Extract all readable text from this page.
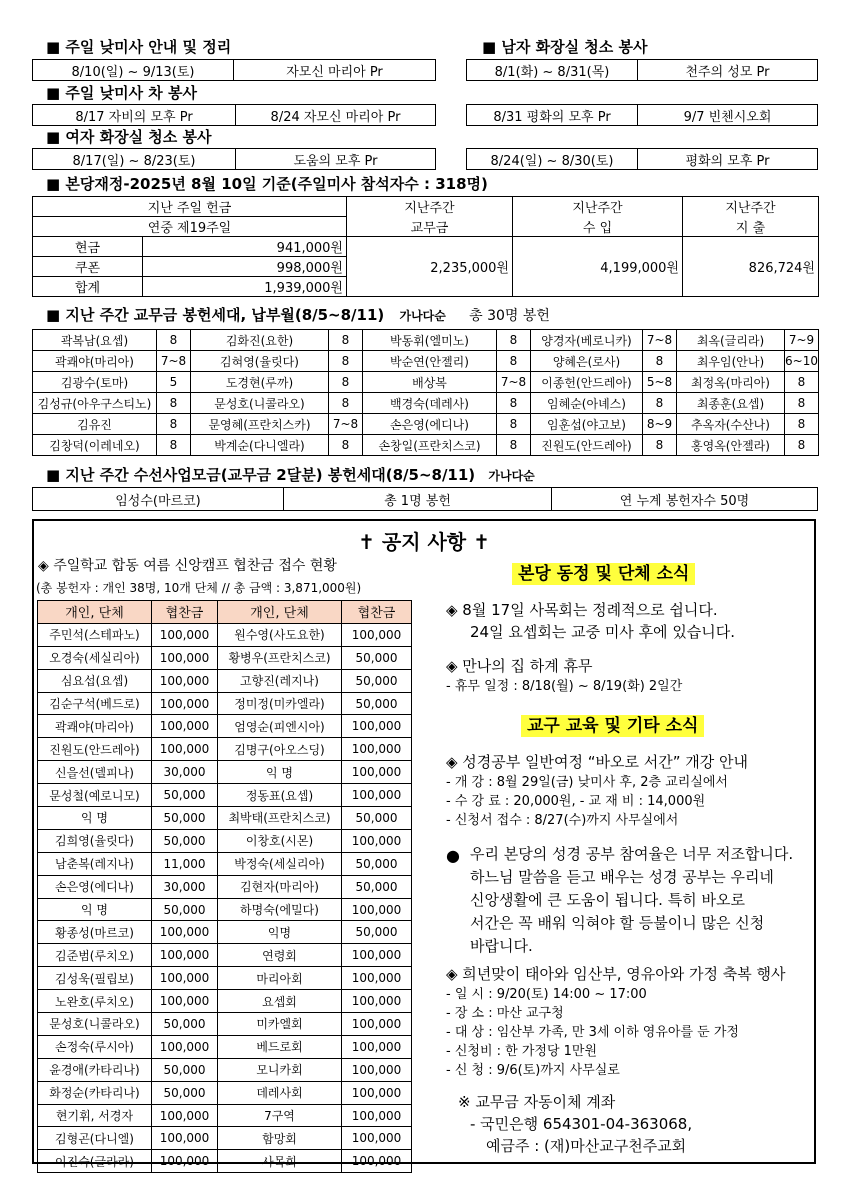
■ 주일 낮미사 안내 및 정리	■ 남자 화장실 청소 봉사
8/10(일) ~ 9/13(토)	자모신 마리아 Pr	8/1(화) ~ 8/31(목)	천주의 성모 Pr
■ 주일 낮미사 차 봉사
8/17 자비의 모후 Pr	8/24 자모신 마리아 Pr	8/31 평화의 모후 Pr	9/7 빈첸시오회
■ 여자 화장실 청소 봉사
8/17(일) ~ 8/23(토)	도움의 모후 Pr	8/24(일) ~ 8/30(토)	평화의 모후 Pr
■ 본당재정-2025년 8월 10일 기준(주일미사 참석자수 : 318명)
지난 주일 헌금		지난주간	지난주간	지난주간
연중 제19주일		교무금	수 입	지 출
현금	941,000원	2,235,000원	4,199,000원	826,724원
쿠폰	998,000원			
합계	1,939,000원			
■ 지난 주간 교무금 봉헌세대, 납부월(8/5~8/11) 가나다순 총 30명 봉헌
곽복남(요셉)	8	김화진(요한)	8	박동휘(엘미노)	8	양경자(베로니카)	7~8	최옥(글리라)	7~9
곽쾌야(마리아)	7~8	김혀영(율릿다)	8	박순연(안젤리)	8	양혜은(로사)	8	최우임(안나)	6~10
김광수(토마)	5	도경현(루까)	8	배상복	7~8	이종헌(안드레아)	5~8	최정옥(마리아)	8
김성규(아우구스티노)	8	문성호(니콜라오)	8	백경숙(데레사)	8	임혜순(아녜스)	8	최종훈(요셉)	8
김유진	8	문영혜(프란치스카)	7~8	손은영(에디나)	8	임훈섭(야고보)	8~9	추옥자(수산나)	8
김창덕(이레네오)	8	박계순(다니엘라)	8	손창일(프란치스코)	8	진원도(안드레아)	8	홍영옥(안젤라)	8
■ 지난 주간 수선사업모금(교무금 2달분) 봉헌세대(8/5~8/11) 가나다순
임성수(마르코)	총 1명 봉헌	연 누계 봉헌자수 50명
✝ 공지 사항 ✝
◈ 주일학교 합동 여름 신앙캠프 협찬금 접수 현황
(총 봉헌자 : 개인 38명, 10개 단체 // 총 금액 : 3,871,000원)
개인, 단체	협찬금	개인, 단체	협찬금
주민석(스테파노)	100,000	원수영(사도요한)	100,000
오경숙(세실리아)	100,000	황병우(프란치스코)	50,000
심요섭(요셉)	100,000	고향진(레지나)	50,000
김순구석(베드로)	100,000	정미정(미카엘라)	50,000
곽쾌야(마리아)	100,000	엄영순(피엔시아)	100,000
진원도(안드레아)	100,000	김명구(아오스딩)	100,000
신을선(델피나)	30,000	익 명	100,000
문성철(예로니모)	50,000	정동표(요셉)	100,000
익 명	50,000	최박태(프란치스코)	50,000
김희영(율릿다)	50,000	이창호(시몬)	100,000
남춘복(레지나)	11,000	박정숙(세실리아)	50,000
손은영(에디나)	30,000	김현자(마리아)	50,000
익 명	50,000	하명숙(에밀다)	100,000
황종성(마르코)	100,000	익명	50,000
김준범(루치오)	100,000	연령회	100,000
김성욱(필립보)	100,000	마리아회	100,000
노완호(루치오)	100,000	요셉회	100,000
문성호(니콜라오)	50,000	미카엘회	100,000
손정숙(루시아)	100,000	베드로회	100,000
윤경애(카타리나)	50,000	모니카회	100,000
화정순(카타리나)	50,000	데레사회	100,000
현기휘, 서경자	100,000	7구역	100,000
김형곤(다니엘)	100,000	함망회	100,000
이진숙(글라라)	100,000	사목회	100,000
본당 동정 및 단체 소식
◈ 8월 17일 사목회는 정례적으로 쉽니다.
24일 요셉회는 교중 미사 후에 있습니다.
◈ 만나의 집 하계 휴무
- 휴무 일정 : 8/18(월) ~ 8/19(화) 2일간
교구 교육 및 기타 소식
◈ 성경공부 일반여정 “바오로 서간” 개강 안내
- 개 강 : 8월 29일(금) 낮미사 후, 2층 교리실에서
- 수 강 료 : 20,000원, - 교 재 비 : 14,000원
- 신청서 접수 : 8/27(수)까지 사무실에서
● 우리 본당의 성경 공부 참여율은 너무 저조합니다.
하느님 말씀을 듣고 배우는 성경 공부는 우리네
신앙생활에 큰 도움이 됩니다. 특히 바오로
서간은 꼭 배워 익혀야 할 등불이니 많은 신청
바랍니다.
◈ 희년맞이 태아와 임산부, 영유아와 가정 축복 행사
- 일 시 : 9/20(토) 14:00 ~ 17:00
- 장 소 : 마산 교구청
- 대 상 : 임산부 가족, 만 3세 이하 영유아를 둔 가정
- 신청비 : 한 가정당 1만원
- 신 청 : 9/6(토)까지 사무실로
※ 교무금 자동이체 계좌
- 국민은행 654301-04-363068,
예금주 : (재)마산교구천주교회
